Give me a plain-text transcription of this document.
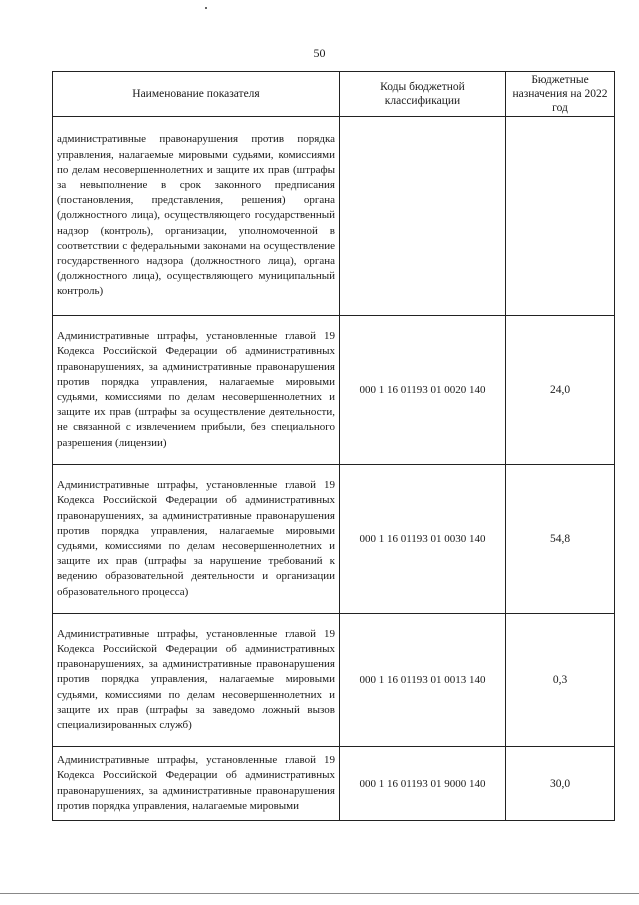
50
Наименование показателя	Коды бюджетной классификации	Бюджетные назначения на 2022 год
административные правонарушения против порядка управления, налагаемые мировыми судьями, комиссиями по делам несовершеннолетних и защите их прав (штрафы за невыполнение в срок законного предписания (постановления, представления, решения) органа (должностного лица), осуществляющего государственный надзор (контроль), организации, уполномоченной в соответствии с федеральными законами на осуществление государственного надзора (должностного лица), органа (должностного лица), осуществляющего муниципальный контроль)		
Административные штрафы, установленные главой 19 Кодекса Российской Федерации об административных правонарушениях, за административные правонарушения против порядка управления, налагаемые мировыми судьями, комиссиями по делам несовершеннолетних и защите их прав (штрафы за осуществление деятельности, не связанной с извлечением прибыли, без специального разрешения (лицензии)	000 1 16 01193 01 0020 140	24,0
Административные штрафы, установленные главой 19 Кодекса Российской Федерации об административных правонарушениях, за административные правонарушения против порядка управления, налагаемые мировыми судьями, комиссиями по делам несовершеннолетних и защите их прав (штрафы за нарушение требований к ведению образовательной деятельности и организации образовательного процесса)	000 1 16 01193 01 0030 140	54,8
Административные штрафы, установленные главой 19 Кодекса Российской Федерации об административных правонарушениях, за административные правонарушения против порядка управления, налагаемые мировыми судьями, комиссиями по делам несовершеннолетних и защите их прав (штрафы за заведомо ложный вызов специализированных служб)	000 1 16 01193 01 0013 140	0,3
Административные штрафы, установленные главой 19 Кодекса Российской Федерации об административных правонарушениях, за административные правонарушения против порядка управления, налагаемые мировыми	000 1 16 01193 01 9000 140	30,0
